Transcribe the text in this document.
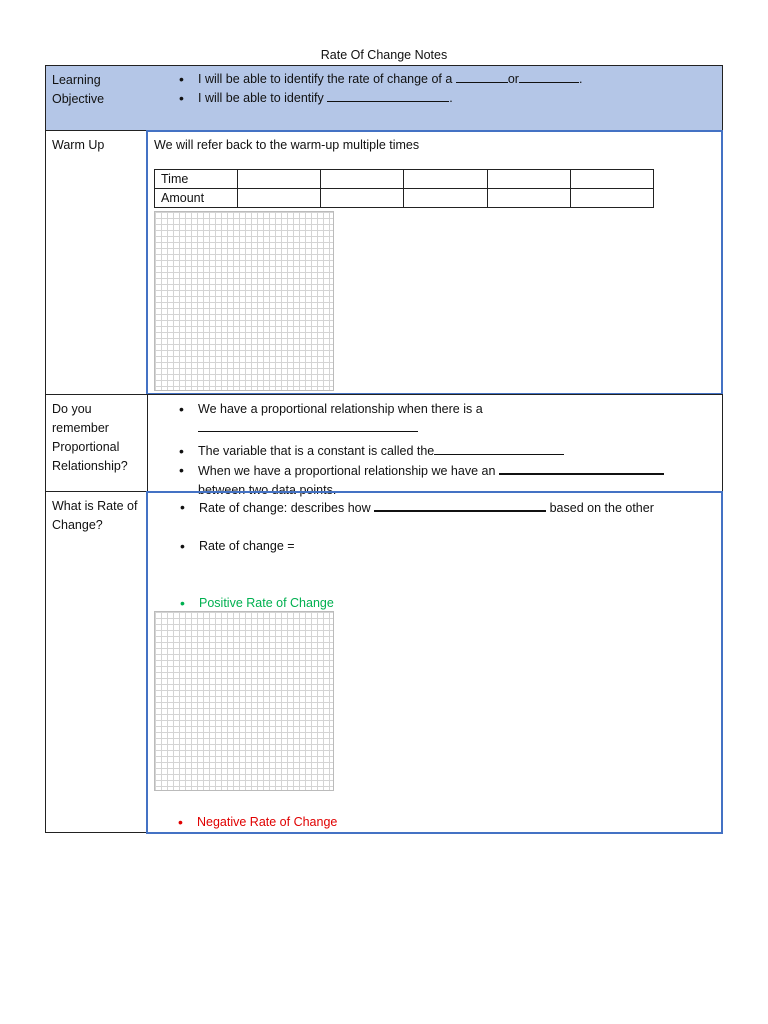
Rate Of Change Notes
Learning Objective
• I will be able to identify the rate of change of a	or	.
• I will be able to identify	.
Warm Up	We will refer back to the warm-up multiple times
Time					
Amount					
Do you remember Proportional Relationship?
• We have a proportional relationship when there is a

• The variable that is a constant is called the
• When we have a proportional relationship we have an
between two data points.
What is Rate of Change?
• Rate of change: describes how	based on the other
• Rate of change =
• Positive Rate of Change
• Negative Rate of Change
